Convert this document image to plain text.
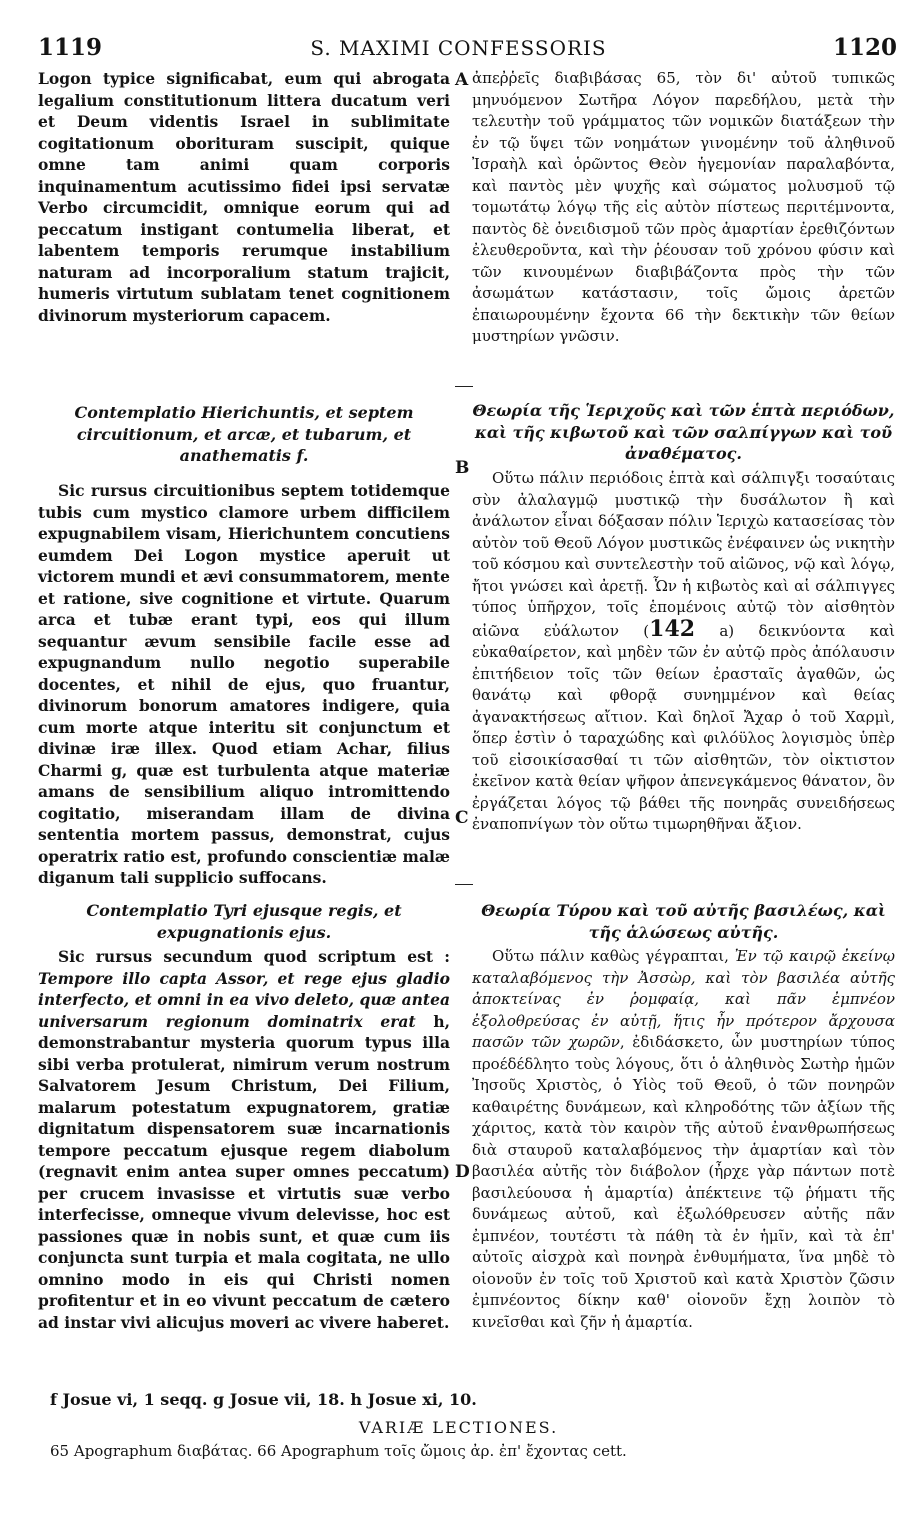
1119	S. MAXIMI CONFESSORIS	1120

Logon typice significabat, eum qui abrogata legalium constitutionum littera ducatum veri et Deum videntis Israel in sublimitate cogitationum oborituram suscipit, quique omne tam animi quam corporis inquinamentum acutissimo fidei ipsi servatæ Verbo circumcidit, omnique eorum qui ad peccatum instigant contumelia liberat, et labentem temporis rerumque instabilium naturam ad incorporalium statum trajicit, humeris virtutum sublatam tenet cognitionem divinorum mysteriorum capacem.

Contemplatio Hierichuntis, et septem circuitionum, et arcæ, et tubarum, et anathematis f.

Sic rursus circuitionibus septem totidemque tubis cum mystico clamore urbem difficilem expugnabilem visam, Hierichuntem concutiens eumdem Dei Logon mystice aperuit ut victorem mundi et ævi consummatorem, mente et ratione, sive cognitione et virtute. Quarum arca et tubæ erant typi, eos qui illum sequantur ævum sensibile facile esse ad expugnandum nullo negotio superabile docentes, et nihil de ejus, quo fruantur, divinorum bonorum amatores indigere, quia cum morte atque interitu sit conjunctum et divinæ iræ illex. Quod etiam Achar, filius Charmi g, quæ est turbulenta atque materiæ amans de sensibilium aliquo intromittendo cogitatio, miserandam illam de divina sententia mortem passus, demonstrat, cujus operatrix ratio est, profundo conscientiæ malæ diganum tali supplicio suffocans.

Contemplatio Tyri ejusque regis, et expugnationis ejus.

Sic rursus secundum quod scriptum est : Tempore illo capta Assor, et rege ejus gladio interfecto, et omni in ea vivo deleto, quæ antea universarum regionum dominatrix erat h, demonstrabantur mysteria quorum typus illa sibi verba protulerat, nimirum verum nostrum Salvatorem Jesum Christum, Dei Filium, malarum potestatum expugnatorem, gratiæ dignitatum dispensatorem suæ incarnationis tempore peccatum ejusque regem diabolum (regnavit enim antea super omnes peccatum) per crucem invasisse et virtutis suæ verbo interfecisse, omneque vivum delevisse, hoc est passiones quæ in nobis sunt, et quæ cum iis conjuncta sunt turpia et mala cogitata, ne ullo omnino modo in eis qui Christi nomen profitentur et in eo vivunt peccatum de cætero ad instar vivi alicujus moveri ac vivere haberet.

ἀπεῤῥεῖς διαβιβάσας 65, τὸν δι' αὐτοῦ τυπικῶς μηνυόμενον Σωτῆρα Λόγον παρεδήλου, μετὰ τὴν τελευτὴν τοῦ γράμματος τῶν νομικῶν διατάξεων τὴν ἐν τῷ ὕψει τῶν νοημάτων γινομένην τοῦ ἀληθινοῦ Ἰσραὴλ καὶ ὁρῶντος Θεὸν ἡγεμονίαν παραλαβόντα, καὶ παντὸς μὲν ψυχῆς καὶ σώματος μολυσμοῦ τῷ τομωτάτῳ λόγῳ τῆς εἰς αὐτὸν πίστεως περιτέμνοντα, παντὸς δὲ ὀνειδισμοῦ τῶν πρὸς ἁμαρτίαν ἐρεθιζόντων ἐλευθεροῦντα, καὶ τὴν ῥέουσαν τοῦ χρόνου φύσιν καὶ τῶν κινουμένων διαβιβάζοντα πρὸς τὴν τῶν ἀσωμάτων κατάστασιν, τοῖς ὤμοις ἀρετῶν ἐπαιωρουμένην ἔχοντα 66 τὴν δεκτικὴν τῶν θείων μυστηρίων γνῶσιν.

Θεωρία τῆς Ἱεριχοῦς καὶ τῶν ἑπτὰ περιόδων, καὶ τῆς κιβωτοῦ καὶ τῶν σαλπίγγων καὶ τοῦ ἀναθέματος.

Οὕτω πάλιν περιόδοις ἑπτὰ καὶ σάλπιγξι τοσαύταις σὺν ἀλαλαγμῷ μυστικῷ τὴν δυσάλωτον ἢ καὶ ἀνάλωτον εἶναι δόξασαν πόλιν Ἱεριχὼ κατασείσας τὸν αὐτὸν τοῦ Θεοῦ Λόγον μυστικῶς ἐνέφαινεν ὡς νικητὴν τοῦ κόσμου καὶ συντελεστὴν τοῦ αἰῶνος, νῷ καὶ λόγῳ, ἤτοι γνώσει καὶ ἀρετῇ. Ὧν ἡ κιβωτὸς καὶ αἱ σάλπιγγες τύπος ὑπῆρχον, τοῖς ἑπομένοις αὐτῷ τὸν αἰσθητὸν αἰῶνα εὐάλωτον (142 a) δεικνύοντα καὶ εὐκαθαίρετον, καὶ μηδὲν τῶν ἐν αὐτῷ πρὸς ἀπόλαυσιν ἐπιτήδειον τοῖς τῶν θείων ἐρασταῖς ἀγαθῶν, ὡς θανάτῳ καὶ φθορᾷ συνημμένον καὶ θείας ἀγανακτήσεως αἴτιον. Καὶ δηλοῖ Ἄχαρ ὁ τοῦ Χαρμὶ, ὅπερ ἐστὶν ὁ ταραχώδης καὶ φιλόϋλος λογισμὸς ὑπὲρ τοῦ εἰσοικίσασθαί τι τῶν αἰσθητῶν, τὸν οἰκτιστον ἐκεῖνον κατὰ θείαν ψῆφον ἀπενεγκάμενος θάνατον, ὃν ἐργάζεται λόγος τῷ βάθει τῆς πονηρᾶς συνειδήσεως ἐναποπνίγων τὸν οὕτω τιμωρηθῆναι ἄξιον.

Θεωρία Τύρου καὶ τοῦ αὐτῆς βασιλέως, καὶ τῆς ἁλώσεως αὐτῆς.

Οὕτω πάλιν καθὼς γέγραπται, Ἐν τῷ καιρῷ ἐκείνῳ καταλαβόμενος τὴν Ἀσσὼρ, καὶ τὸν βασιλέα αὐτῆς ἀποκτείνας ἐν ῥομφαίᾳ, καὶ πᾶν ἐμπνέον ἐξολοθρεύσας ἐν αὐτῇ, ἥτις ἦν πρότερον ἄρχουσα πασῶν τῶν χωρῶν, ἐδιδάσκετο, ὧν μυστηρίων τύπος προέδέδλητο τοὺς λόγους, ὅτι ὁ ἀληθινὸς Σωτὴρ ἡμῶν Ἰησοῦς Χριστὸς, ὁ Υἱὸς τοῦ Θεοῦ, ὁ τῶν πονηρῶν καθαιρέτης δυνάμεων, καὶ κληροδότης τῶν ἀξίων τῆς χάριτος, κατὰ τὸν καιρὸν τῆς αὐτοῦ ἐνανθρωπήσεως διὰ σταυροῦ καταλαβόμενος τὴν ἁμαρτίαν καὶ τὸν βασιλέα αὐτῆς τὸν διάβολον (ἦρχε γὰρ πάντων ποτὲ βασιλεύουσα ἡ ἁμαρτία) ἀπέκτεινε τῷ ῥήματι τῆς δυνάμεως αὐτοῦ, καὶ ἐξωλόθρευσεν αὐτῆς πᾶν ἐμπνέον, τουτέστι τὰ πάθη τὰ ἐν ἡμῖν, καὶ τὰ ἐπ' αὐτοῖς αἰσχρὰ καὶ πονηρὰ ἐνθυμήματα, ἵνα μηδὲ τὸ οἱονοῦν ἐν τοῖς τοῦ Χριστοῦ καὶ κατὰ Χριστὸν ζῶσιν ἐμπνέοντος δίκην καθ' οἱονοῦν ἔχῃ λοιπὸν τὸ κινεῖσθαι καὶ ζῆν ἡ ἁμαρτία.

A
B
C
D
f Josue vi, 1 seqq. g Josue vii, 18. h Josue xi, 10.
VARIÆ LECTIONES.
65 Apographum διαβάτας. 66 Apographum τοῖς ὤμοις ἀρ. ἐπ' ἔχοντας cett.
